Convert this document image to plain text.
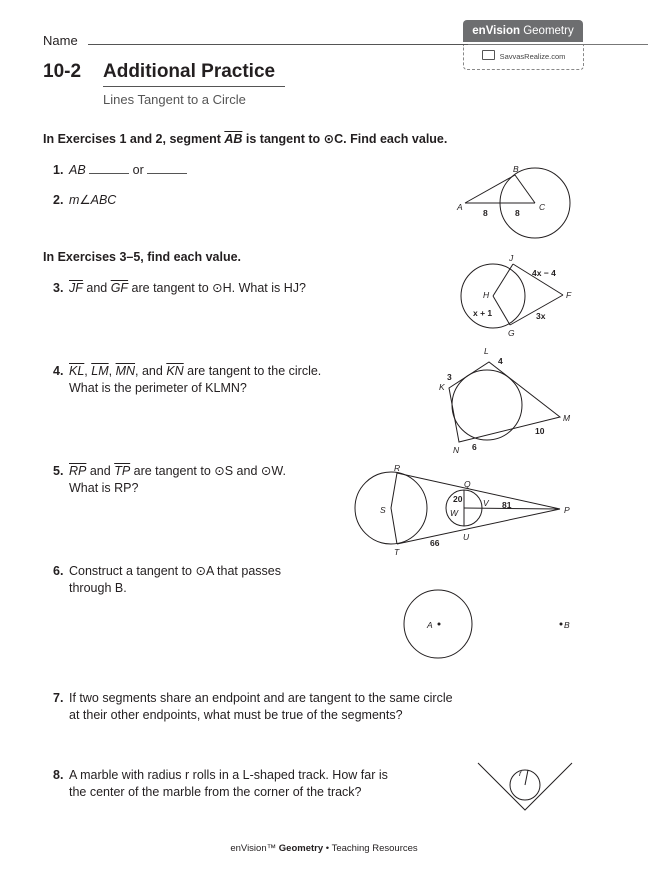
Name
enVision Geometry
SavvasRealize.com
10-2 Additional Practice
Lines Tangent to a Circle
In Exercises 1 and 2, segment $\overline{AB}$ is tangent to ⊙C. Find each value.
1. AB	or
2. m∠ABC	A
B
C
8	8
In Exercises 3–5, find each value.
3. $\overline{JF}$ and $\overline{GF}$ are tangent to ⊙H. What is HJ?
J
H
G
F
4x − 4
x + 1	3x
4. $\overline{KL}$, $\overline{LM}$, $\overline{MN}$, and $\overline{KN}$ are tangent to the circle.
What is the perimeter of KLMN?	K
L
M
N
3
4
10
6
5. $\overline{RP}$ and $\overline{TP}$ are tangent to ⊙S and ⊙W.
What is RP?
R
S
T
Q
W
V
U
P
20
81
66
6. Construct a tangent to ⊙A that passes
through B.
A	B
7. If two segments share an endpoint and are tangent to the same circle
at their other endpoints, what must be true of the segments?
8. A marble with radius r rolls in a L-shaped track. How far is
the center of the marble from the corner of the track?
r
enVision™ Geometry • Teaching Resources
